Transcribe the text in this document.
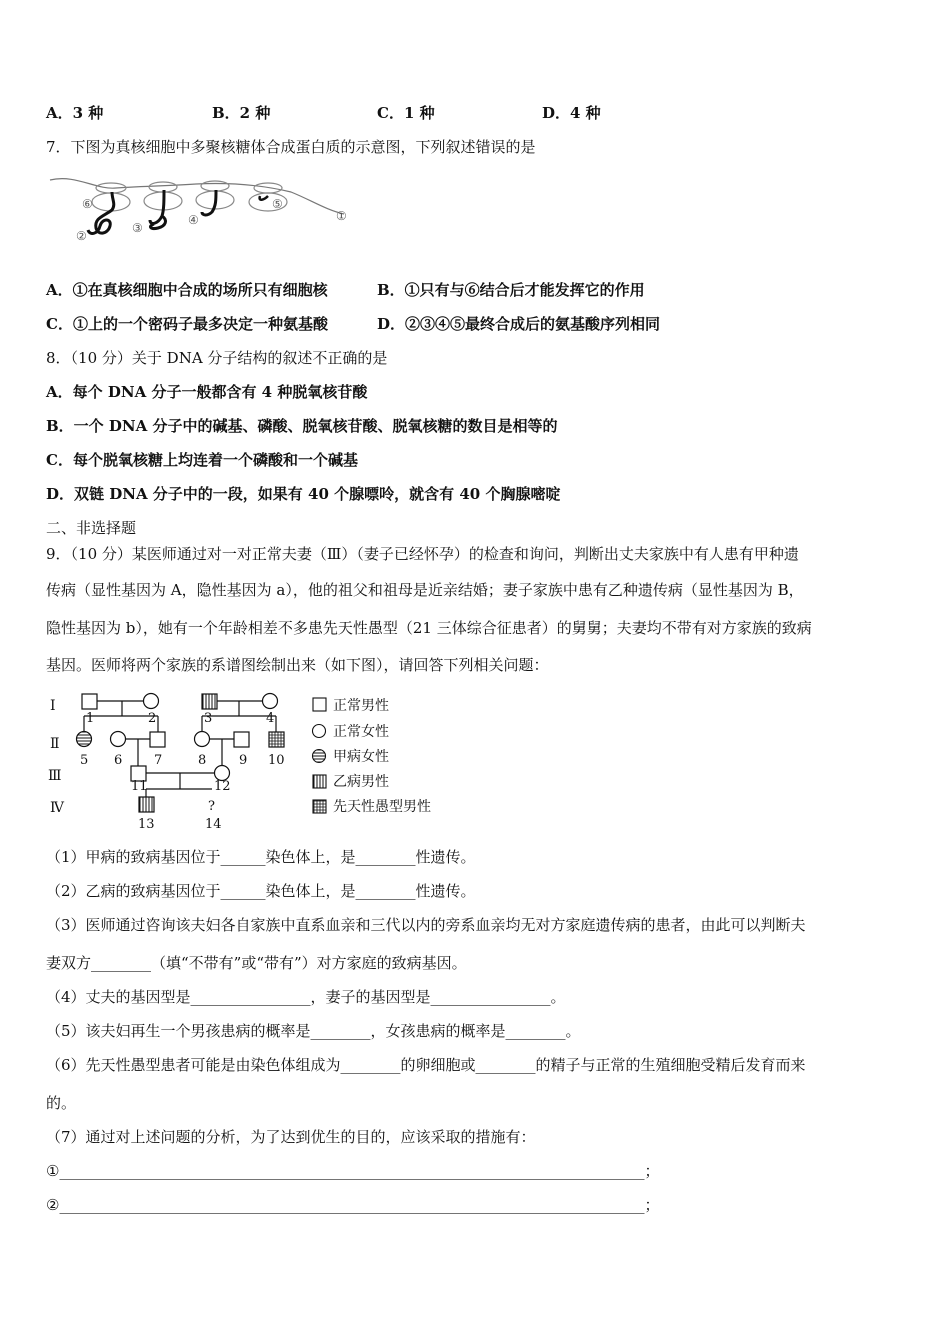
A．3 种	B．2 种	C．1 种	D．4 种
7．下图为真核细胞中多聚核糖体合成蛋白质的示意图，下列叙述错误的是
⑥
②
③
④
⑤
①
A．①在真核细胞中合成的场所只有细胞核	B．①只有与⑥结合后才能发挥它的作用
C．①上的一个密码子最多决定一种氨基酸	D．②③④⑤最终合成后的氨基酸序列相同
8．（10 分）关于 DNA 分子结构的叙述不正确的是
A．每个 DNA 分子一般都含有 4 种脱氧核苷酸
B．一个 DNA 分子中的碱基、磷酸、脱氧核苷酸、脱氧核糖的数目是相等的
C．每个脱氧核糖上均连着一个磷酸和一个碱基
D．双链 DNA 分子中的一段，如果有 40 个腺嘌呤，就含有 40 个胸腺嘧啶
二、非选择题
9．（10 分）某医师通过对一对正常夫妻（Ⅲ）（妻子已经怀孕）的检查和询问，判断出丈夫家族中有人患有甲种遗
传病（显性基因为 A，隐性基因为 a），他的祖父和祖母是近亲结婚；妻子家族中患有乙种遗传病（显性基因为 B，
隐性基因为 b），她有一个年龄相差不多患先天性愚型（21 三体综合征患者）的舅舅；夫妻均不带有对方家族的致病
基因。医师将两个家族的系谱图绘制出来（如下图），请回答下列相关问题：
Ⅰ
Ⅱ
Ⅲ
Ⅳ
1	2	3	4
5 6 7	8	9 10
11	12
13	14
?
正常男性
正常女性
甲病女性
乙病男性
先天性愚型男性
（1）甲病的致病基因位于______染色体上，是________性遗传。
（2）乙病的致病基因位于______染色体上，是________性遗传。
（3）医师通过咨询该夫妇各自家族中直系血亲和三代以内的旁系血亲均无对方家庭遗传病的患者，由此可以判断夫
妻双方________（填“不带有”或“带有”）对方家庭的致病基因。
（4）丈夫的基因型是________________，妻子的基因型是________________。
（5）该夫妇再生一个男孩患病的概率是________，女孩患病的概率是________。
（6）先天性愚型患者可能是由染色体组成为________的卵细胞或________的精子与正常的生殖细胞受精后发育而来
的。
（7）通过对上述问题的分析，为了达到优生的目的，应该采取的措施有：
①______________________________________________________________________________；
②______________________________________________________________________________；
